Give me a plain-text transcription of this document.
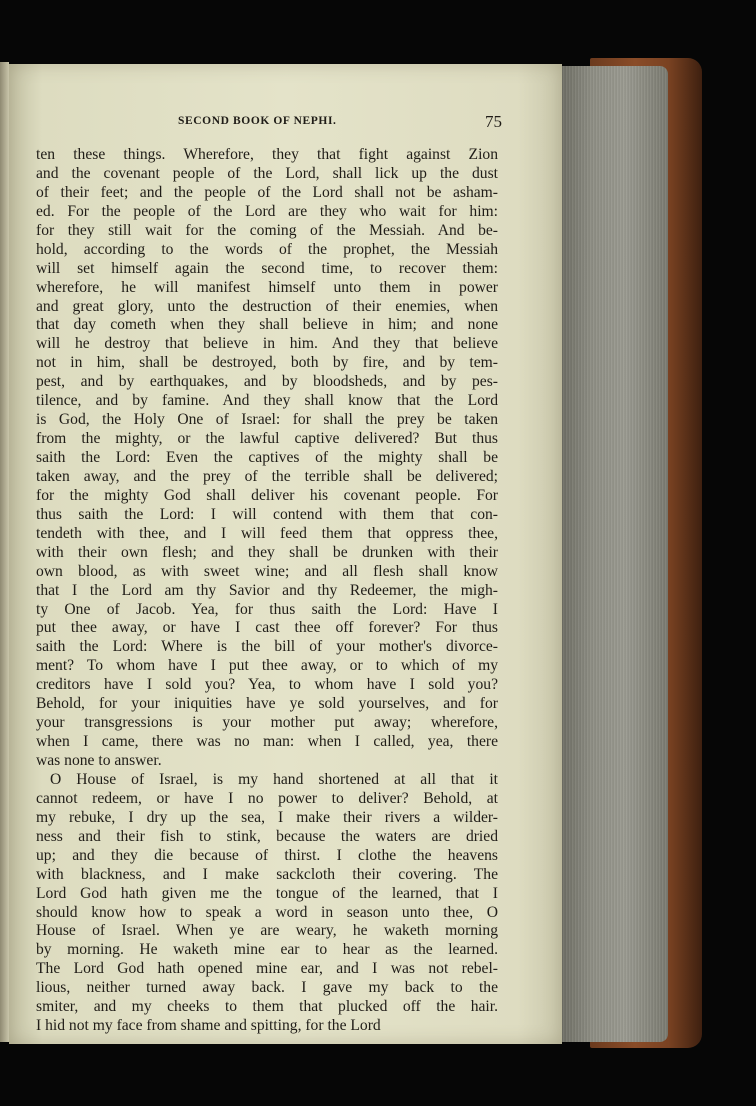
SECOND BOOK OF NEPHI.	75
ten these things. Wherefore, they that fight against Zion
and the covenant people of the Lord, shall lick up the dust
of their feet; and the people of the Lord shall not be asham-
ed. For the people of the Lord are they who wait for him:
for they still wait for the coming of the Messiah. And be-
hold, according to the words of the prophet, the Messiah
will set himself again the second time, to recover them:
wherefore, he will manifest himself unto them in power
and great glory, unto the destruction of their enemies, when
that day cometh when they shall believe in him; and none
will he destroy that believe in him. And they that believe
not in him, shall be destroyed, both by fire, and by tem-
pest, and by earthquakes, and by bloodsheds, and by pes-
tilence, and by famine. And they shall know that the Lord
is God, the Holy One of Israel: for shall the prey be taken
from the mighty, or the lawful captive delivered? But thus
saith the Lord: Even the captives of the mighty shall be
taken away, and the prey of the terrible shall be delivered;
for the mighty God shall deliver his covenant people. For
thus saith the Lord: I will contend with them that con-
tendeth with thee, and I will feed them that oppress thee,
with their own flesh; and they shall be drunken with their
own blood, as with sweet wine; and all flesh shall know
that I the Lord am thy Savior and thy Redeemer, the migh-
ty One of Jacob. Yea, for thus saith the Lord: Have I
put thee away, or have I cast thee off forever? For thus
saith the Lord: Where is the bill of your mother's divorce-
ment? To whom have I put thee away, or to which of my
creditors have I sold you? Yea, to whom have I sold you?
Behold, for your iniquities have ye sold yourselves, and for
your transgressions is your mother put away; wherefore,
when I came, there was no man: when I called, yea, there
was none to answer.
O House of Israel, is my hand shortened at all that it
cannot redeem, or have I no power to deliver? Behold, at
my rebuke, I dry up the sea, I make their rivers a wilder-
ness and their fish to stink, because the waters are dried
up; and they die because of thirst. I clothe the heavens
with blackness, and I make sackcloth their covering. The
Lord God hath given me the tongue of the learned, that I
should know how to speak a word in season unto thee, O
House of Israel. When ye are weary, he waketh morning
by morning. He waketh mine ear to hear as the learned.
The Lord God hath opened mine ear, and I was not rebel-
lious, neither turned away back. I gave my back to the
smiter, and my cheeks to them that plucked off the hair.
I hid not my face from shame and spitting, for the Lord
